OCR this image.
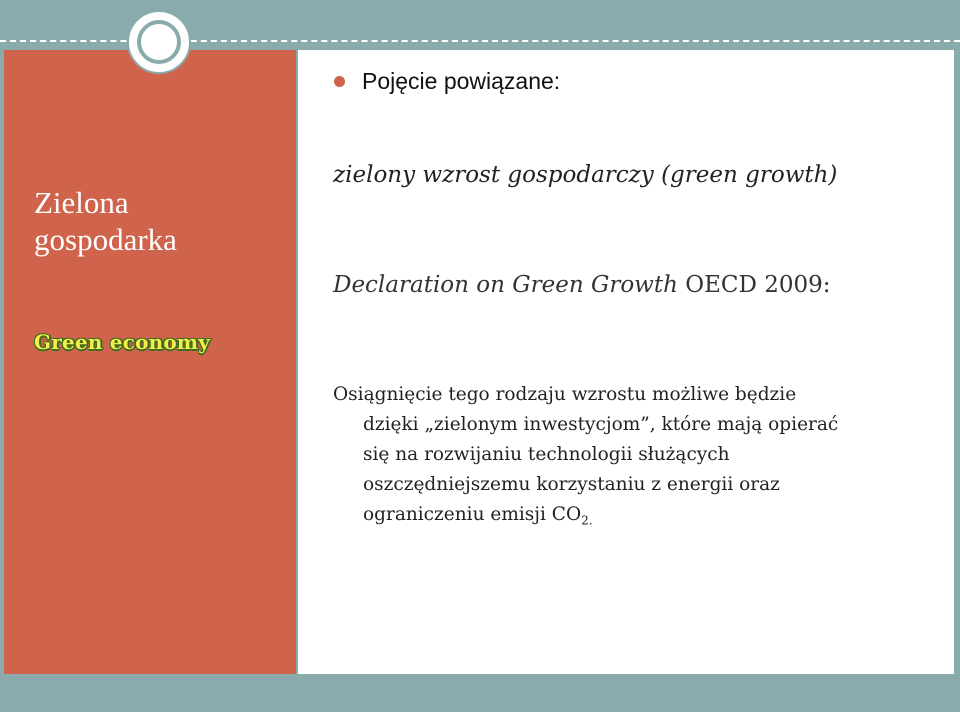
Zielona
gospodarka
Green economy
Pojęcie powiązane:
zielony wzrost gospodarczy (green growth)
Declaration on Green Growth OECD 2009:
Osiągnięcie tego rodzaju wzrostu możliwe będzie
dzięki „zielonym inwestycjom”, które mają opierać
się na rozwijaniu technologii służących
oszczędniejszemu korzystaniu z energii oraz
ograniczeniu emisji $CO_{2.}$
